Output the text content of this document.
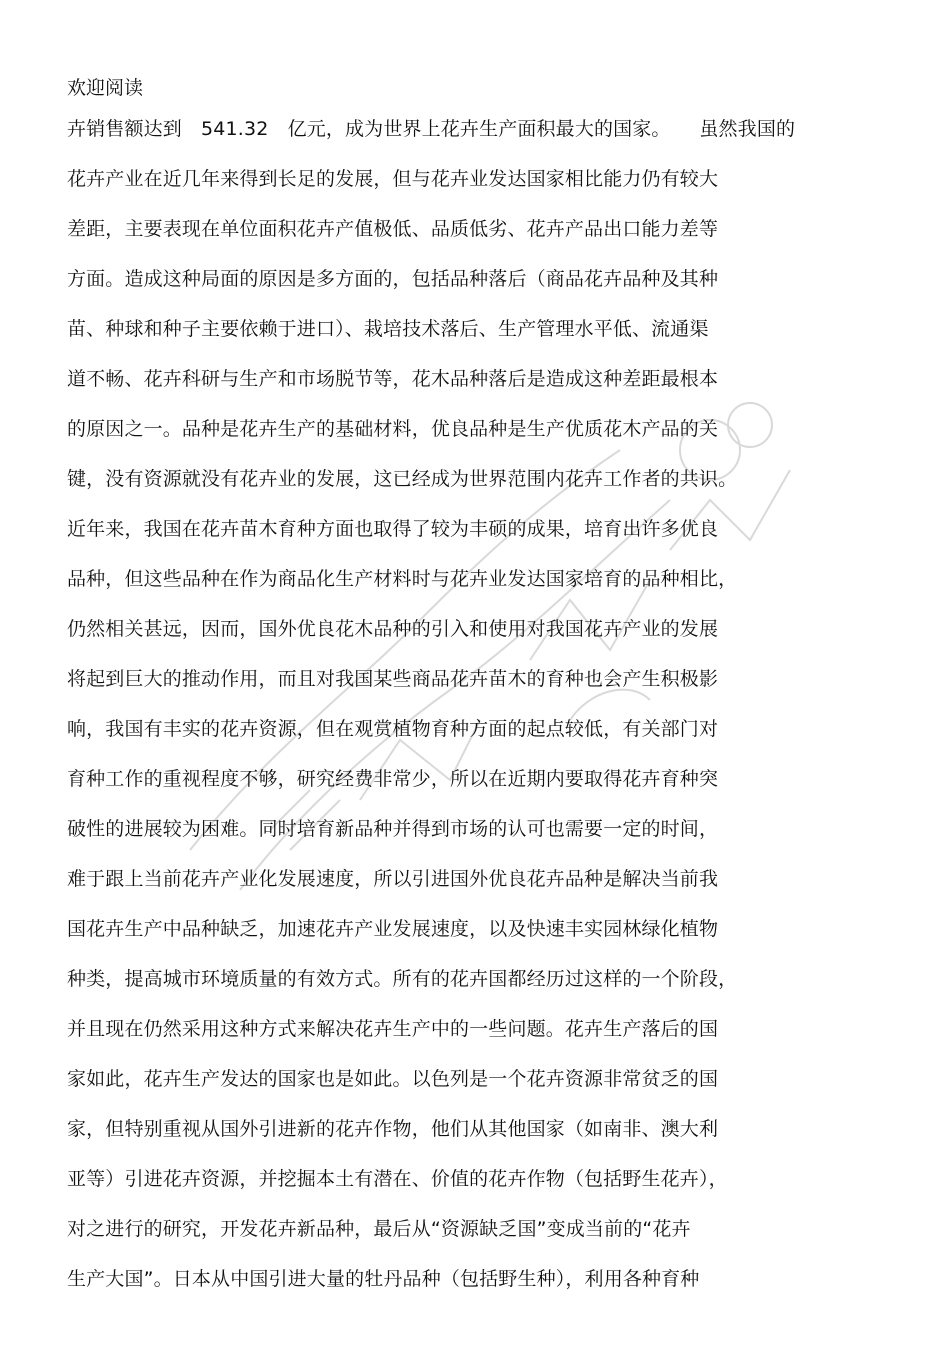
欢迎阅读
卉销售额达到　541.32　亿元，成为世界上花卉生产面积最大的国家。　　虽然我国的
花卉产业在近几年来得到长足的发展，但与花卉业发达国家相比能力仍有较大
差距，主要表现在单位面积花卉产值极低、品质低劣、花卉产品出口能力差等
方面。造成这种局面的原因是多方面的，包括品种落后（商品花卉品种及其种
苗、种球和种子主要依赖于进口）、栽培技术落后、生产管理水平低、流通渠
道不畅、花卉科研与生产和市场脱节等，花木品种落后是造成这种差距最根本
的原因之一。品种是花卉生产的基础材料，优良品种是生产优质花木产品的关
键，没有资源就没有花卉业的发展，这已经成为世界范围内花卉工作者的共识。
近年来，我国在花卉苗木育种方面也取得了较为丰硕的成果，培育出许多优良
品种，但这些品种在作为商品化生产材料时与花卉业发达国家培育的品种相比，
仍然相关甚远，因而，国外优良花木品种的引入和使用对我国花卉产业的发展
将起到巨大的推动作用，而且对我国某些商品花卉苗木的育种也会产生积极影
响，我国有丰实的花卉资源，但在观赏植物育种方面的起点较低，有关部门对
育种工作的重视程度不够，研究经费非常少，所以在近期内要取得花卉育种突
破性的进展较为困难。同时培育新品种并得到市场的认可也需要一定的时间，
难于跟上当前花卉产业化发展速度，所以引进国外优良花卉品种是解决当前我
国花卉生产中品种缺乏，加速花卉产业发展速度，以及快速丰实园林绿化植物
种类，提高城市环境质量的有效方式。所有的花卉国都经历过这样的一个阶段，
并且现在仍然采用这种方式来解决花卉生产中的一些问题。花卉生产落后的国
家如此，花卉生产发达的国家也是如此。以色列是一个花卉资源非常贫乏的国
家，但特别重视从国外引进新的花卉作物，他们从其他国家（如南非、澳大利
亚等）引进花卉资源，并挖掘本土有潜在、价值的花卉作物（包括野生花卉），
对之进行的研究，开发花卉新品种，最后从“资源缺乏国”变成当前的“花卉
生产大国”。日本从中国引进大量的牡丹品种（包括野生种），利用各种育种
